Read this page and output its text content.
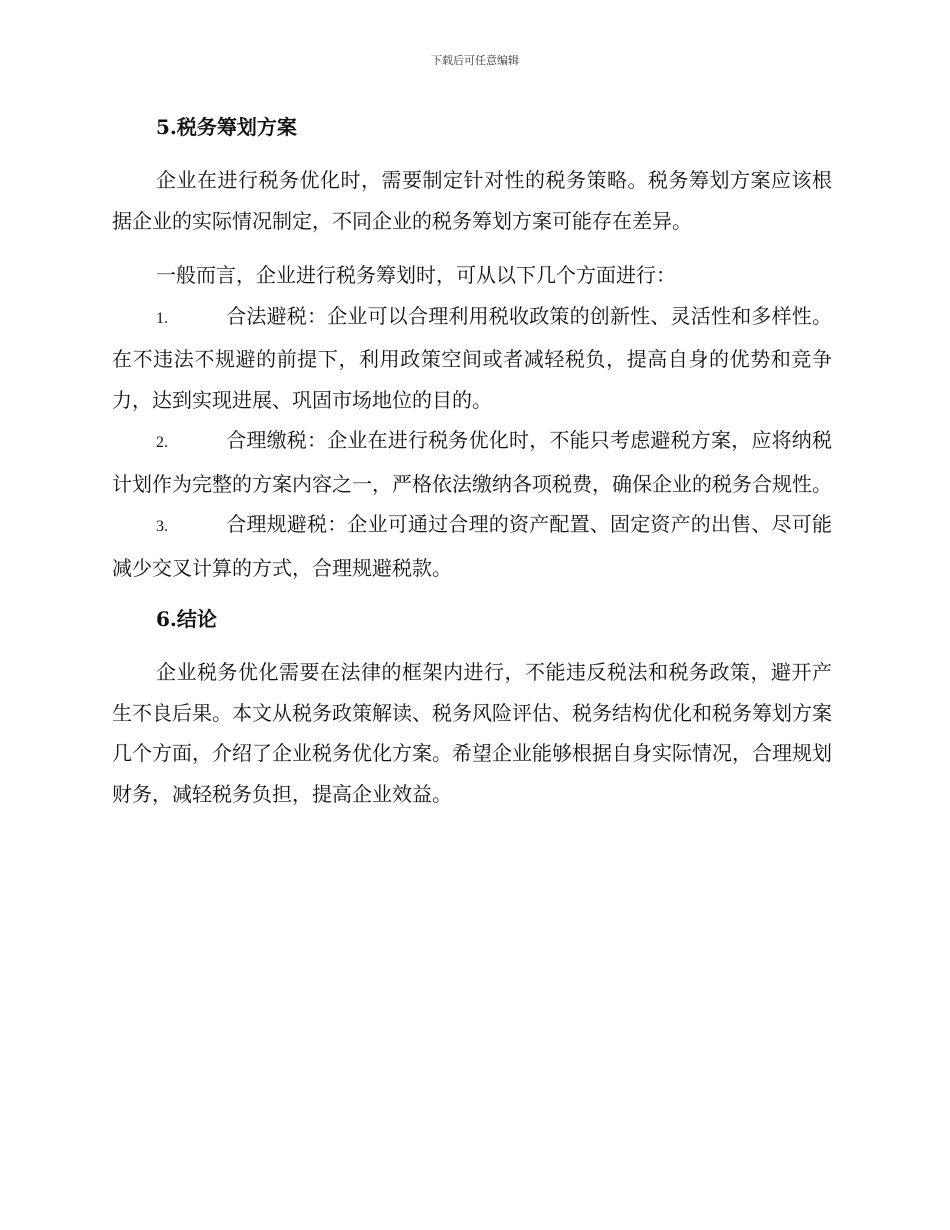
下载后可任意编辑
5.税务筹划方案

企业在进行税务优化时，需要制定针对性的税务策略。税务筹划方案应该根据企业的实际情况制定，不同企业的税务筹划方案可能存在差异。

一般而言，企业进行税务筹划时，可从以下几个方面进行：

1.	合法避税：企业可以合理利用税收政策的创新性、灵活性和多样性。在不违法不规避的前提下，利用政策空间或者减轻税负，提高自身的优势和竞争力，达到实现进展、巩固市场地位的目的。

2.	合理缴税：企业在进行税务优化时，不能只考虑避税方案，应将纳税计划作为完整的方案内容之一，严格依法缴纳各项税费，确保企业的税务合规性。

3.	合理规避税：企业可通过合理的资产配置、固定资产的出售、尽可能减少交叉计算的方式，合理规避税款。

6.结论

企业税务优化需要在法律的框架内进行，不能违反税法和税务政策，避开产生不良后果。本文从税务政策解读、税务风险评估、税务结构优化和税务筹划方案几个方面，介绍了企业税务优化方案。希望企业能够根据自身实际情况，合理规划财务，减轻税务负担，提高企业效益。
